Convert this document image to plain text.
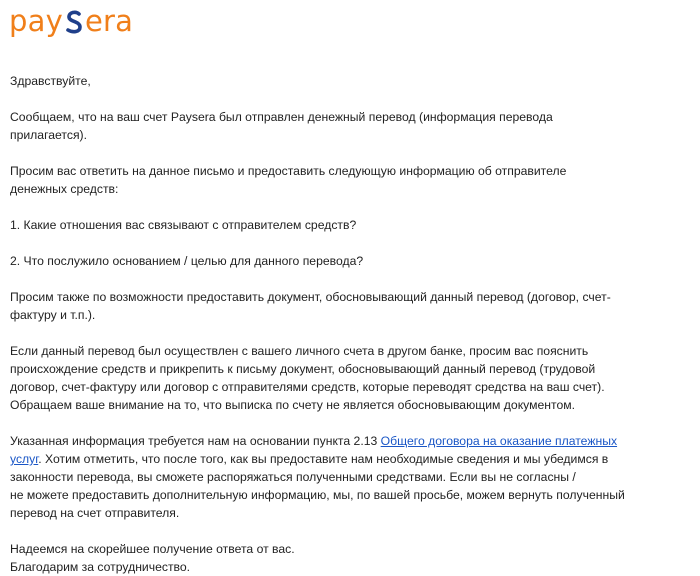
pay era

Здравствуйте,

Сообщаем, что на ваш счет Paysera был отправлен денежный перевод (информация перевода
прилагается).

Просим вас ответить на данное письмо и предоставить следующую информацию об отправителе
денежных средств:

1. Какие отношения вас связывают с отправителем средств?

2. Что послужило основанием / целью для данного перевода?

Просим также по возможности предоставить документ, обосновывающий данный перевод (договор, счет-
фактуру и т.п.).

Если данный перевод был осуществлен с вашего личного счета в другом банке, просим вас пояснить
происхождение средств и прикрепить к письму документ, обосновывающий данный перевод (трудовой
договор, счет-фактуру или договор с отправителями средств, которые переводят средства на ваш счет).
Обращаем ваше внимание на то, что выписка по счету не является обосновывающим документом.

Указанная информация требуется нам на основании пункта 2.13 Общего договора на оказание платежных
услуг. Хотим отметить, что после того, как вы предоставите нам необходимые сведения и мы убедимся в
законности перевода, вы сможете распоряжаться полученными средствами. Если вы не согласны /
не можете предоставить дополнительную информацию, мы, по вашей просьбе, можем вернуть полученный
перевод на счет отправителя.

Надеемся на скорейшее получение ответа от вас.
Благодарим за сотрудничество.
